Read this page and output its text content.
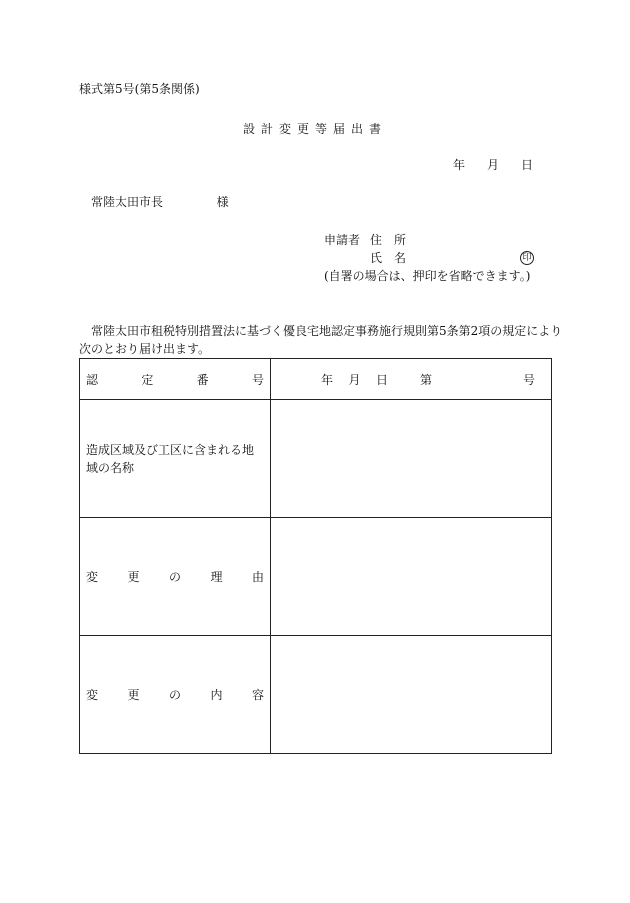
様式第5号(第5条関係)
設計変更等届出書
年 月 日
常陸太田市長	様
申請者 住　所
氏　名	印
(自署の場合は、押印を省略できます。)
常陸太田市租税特別措置法に基づく優良宅地認定事務施行規則第5条第2項の規定により
次のとおり届け出ます。
認 定 番 号	年 月 日 第 号

造成区域及び工区に含まれる地域の名称	

変 更 の 理 由	

変 更 の 内 容	
